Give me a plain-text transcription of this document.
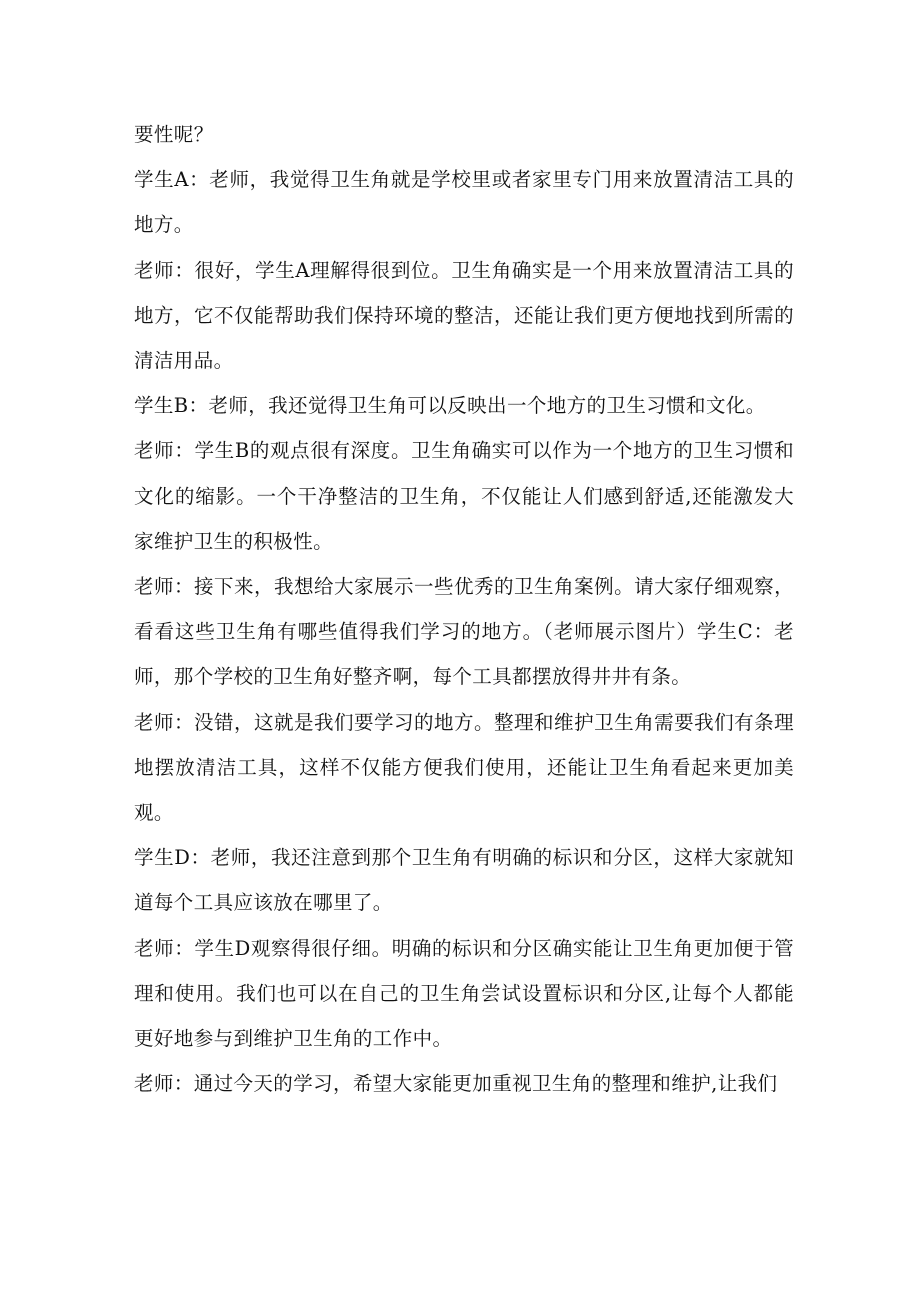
要性呢？

学生A：老师，我觉得卫生角就是学校里或者家里专门用来放置清洁工具的地方。

老师：很好，学生A理解得很到位。卫生角确实是一个用来放置清洁工具的地方，它不仅能帮助我们保持环境的整洁，还能让我们更方便地找到所需的清洁用品。

学生B：老师，我还觉得卫生角可以反映出一个地方的卫生习惯和文化。

老师：学生B的观点很有深度。卫生角确实可以作为一个地方的卫生习惯和文化的缩影。一个干净整洁的卫生角，不仅能让人们感到舒适,还能激发大家维护卫生的积极性。

老师：接下来，我想给大家展示一些优秀的卫生角案例。请大家仔细观察，看看这些卫生角有哪些值得我们学习的地方。（老师展示图片）学生C：老师，那个学校的卫生角好整齐啊，每个工具都摆放得井井有条。

老师：没错，这就是我们要学习的地方。整理和维护卫生角需要我们有条理地摆放清洁工具，这样不仅能方便我们使用，还能让卫生角看起来更加美观。

学生D：老师，我还注意到那个卫生角有明确的标识和分区，这样大家就知道每个工具应该放在哪里了。

老师：学生D观察得很仔细。明确的标识和分区确实能让卫生角更加便于管理和使用。我们也可以在自己的卫生角尝试设置标识和分区,让每个人都能更好地参与到维护卫生角的工作中。

老师：通过今天的学习，希望大家能更加重视卫生角的整理和维护,让我们
